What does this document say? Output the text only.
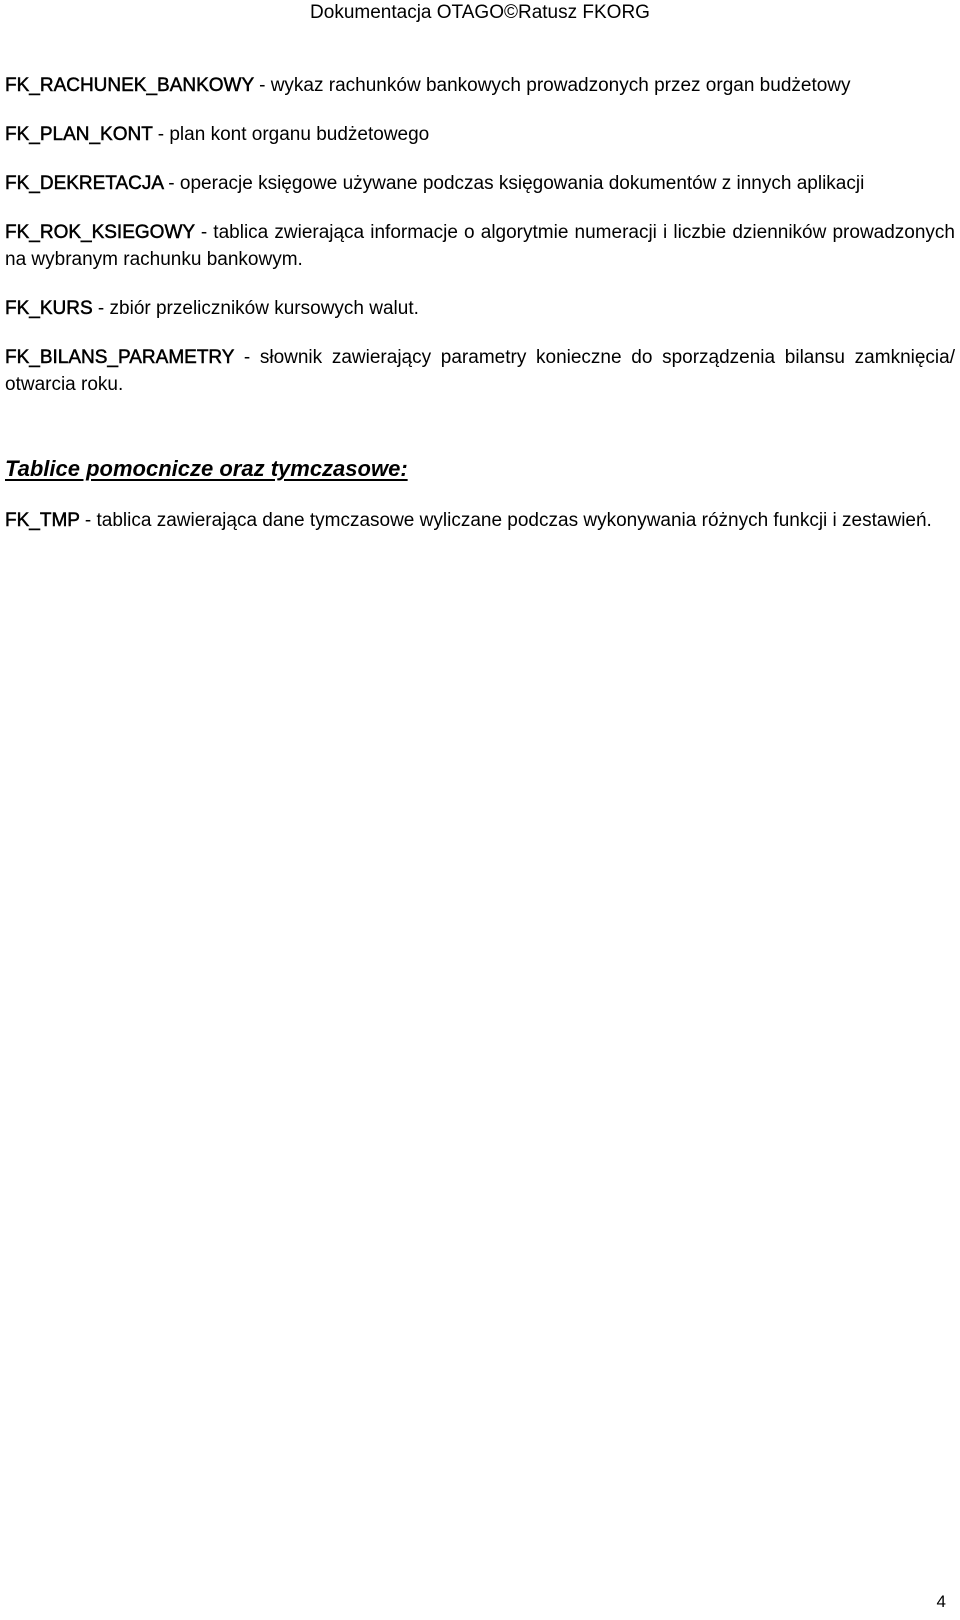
Dokumentacja OTAGO©Ratusz FKORG

FK_RACHUNEK_BANKOWY - wykaz rachunków bankowych prowadzonych przez organ budżetowy

FK_PLAN_KONT - plan kont organu budżetowego

FK_DEKRETACJA - operacje księgowe używane podczas księgowania dokumentów z innych aplikacji

FK_ROK_KSIEGOWY - tablica zwierająca informacje o algorytmie numeracji i liczbie dzienników prowadzonych na wybranym rachunku bankowym.

FK_KURS - zbiór przeliczników kursowych walut.

FK_BILANS_PARAMETRY - słownik zawierający parametry konieczne do sporządzenia bilansu zamknięcia/ otwarcia roku.

Tablice pomocnicze oraz tymczasowe:

FK_TMP - tablica zawierająca dane tymczasowe wyliczane podczas wykonywania różnych funkcji i zestawień.

4
